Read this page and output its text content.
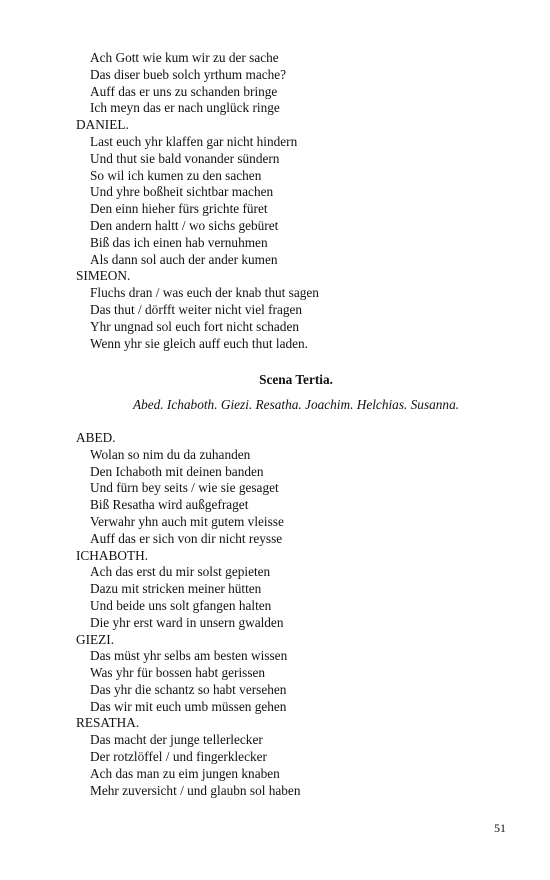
Ach Gott wie kum wir zu der sache
Das diser bueb solch yrthum mache?
Auff das er uns zu schanden bringe
Ich meyn das er nach unglück ringe
DANIEL.
Last euch yhr klaffen gar nicht hindern
Und thut sie bald vonander sündern
So wil ich kumen zu den sachen
Und yhre boßheit sichtbar machen
Den einn hieher fürs grichte füret
Den andern haltt / wo sichs gebüret
Biß das ich einen hab vernuhmen
Als dann sol auch der ander kumen
SIMEON.
Fluchs dran / was euch der knab thut sagen
Das thut / dörfft weiter nicht viel fragen
Yhr ungnad sol euch fort nicht schaden
Wenn yhr sie gleich auff euch thut laden.
Scena Tertia.
Abed. Ichaboth. Giezi. Resatha. Joachim. Helchias. Susanna.
ABED.
Wolan so nim du da zuhanden
Den Ichaboth mit deinen banden
Und fürn bey seits / wie sie gesaget
Biß Resatha wird außgefraget
Verwahr yhn auch mit gutem vleisse
Auff das er sich von dir nicht reysse
ICHABOTH.
Ach das erst du mir solst gepieten
Dazu mit stricken meiner hütten
Und beide uns solt gfangen halten
Die yhr erst ward in unsern gwalden
GIEZI.
Das müst yhr selbs am besten wissen
Was yhr für bossen habt gerissen
Das yhr die schantz so habt versehen
Das wir mit euch umb müssen gehen
RESATHA.
Das macht der junge tellerlecker
Der rotzlöffel / und fingerklecker
Ach das man zu eim jungen knaben
Mehr zuversicht / und glaubn sol haben
51
